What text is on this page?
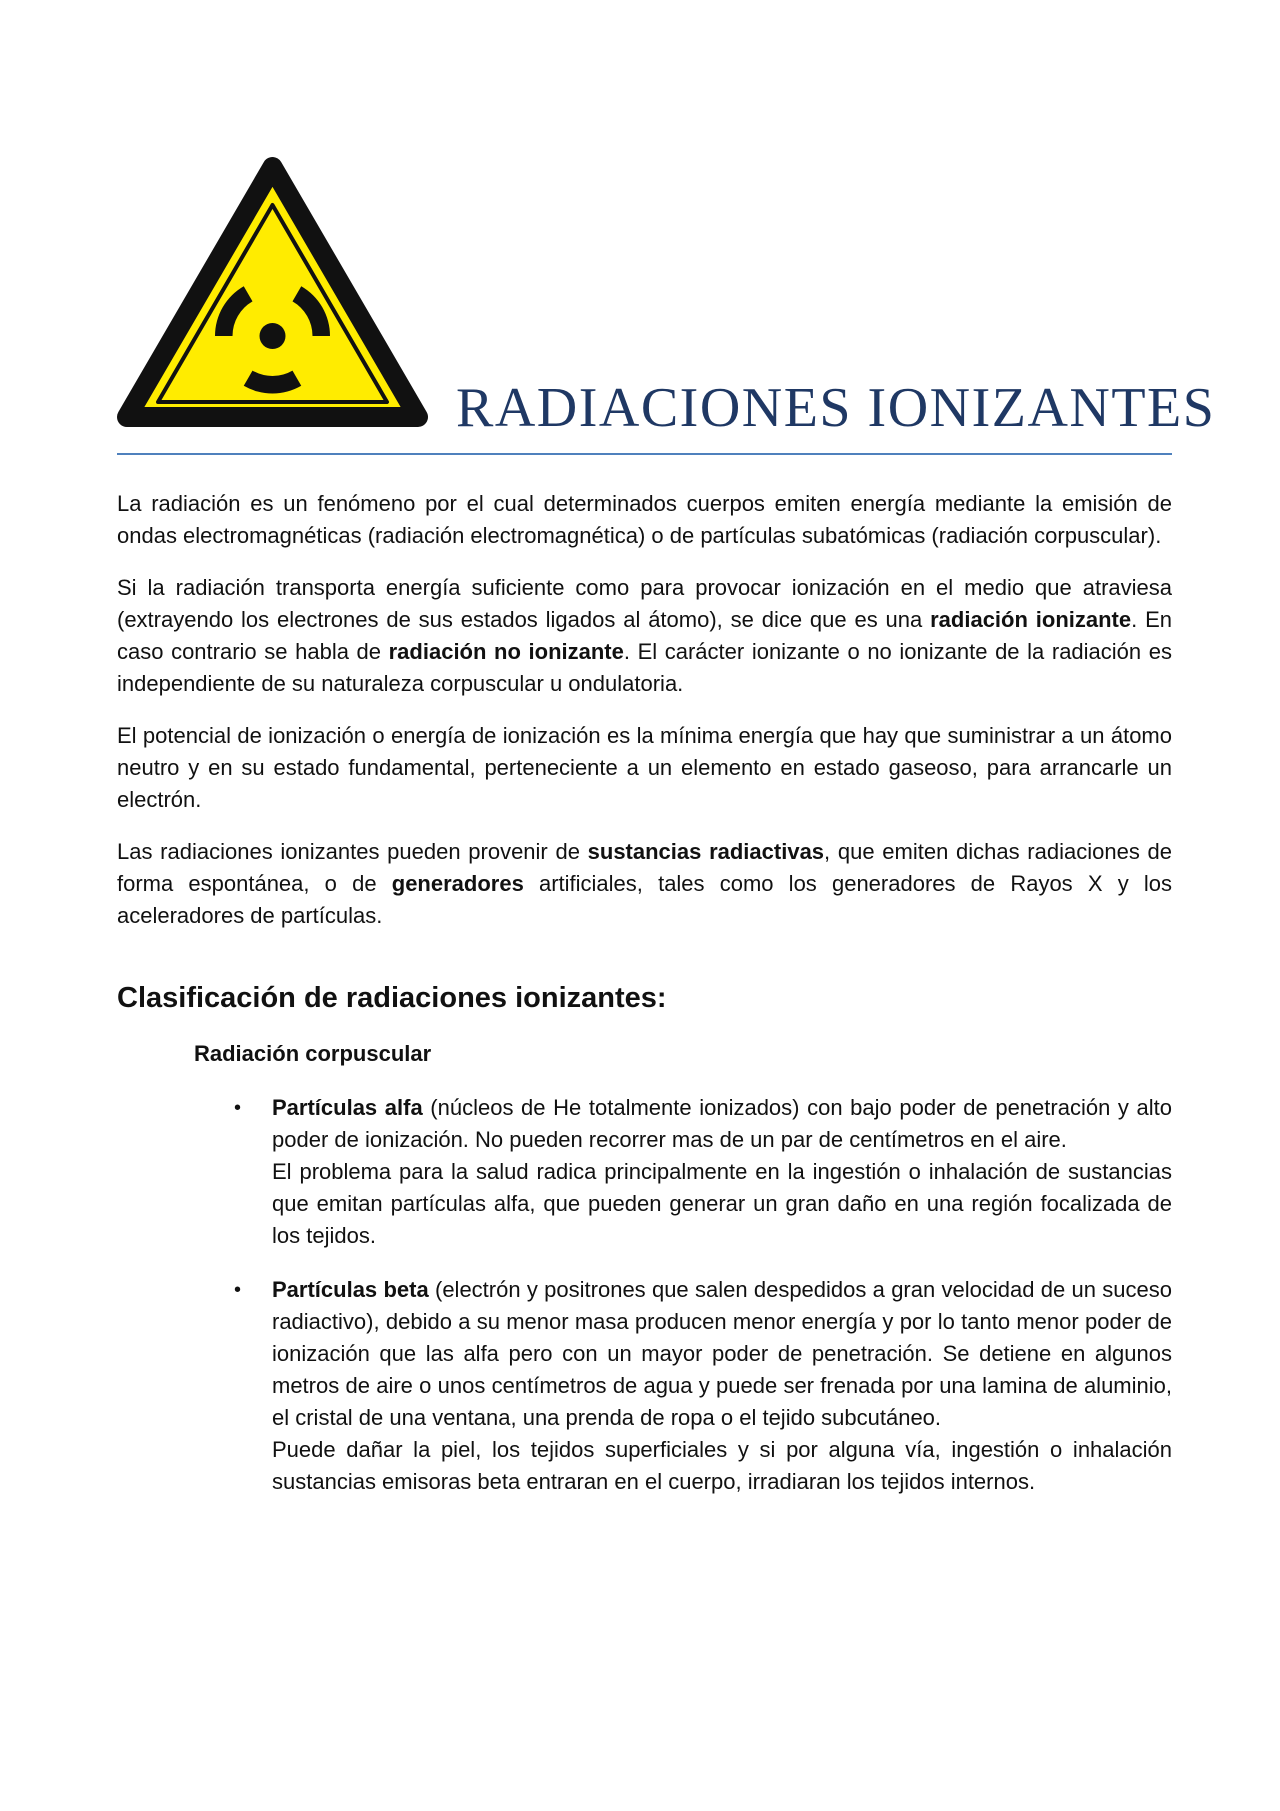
RADIACIONES IONIZANTES

La radiación es un fenómeno por el cual determinados cuerpos emiten energía mediante la emisión de ondas electromagnéticas (radiación electromagnética) o de partículas subatómicas (radiación corpuscular).

Si la radiación transporta energía suficiente como para provocar ionización en el medio que atraviesa (extrayendo los electrones de sus estados ligados al átomo), se dice que es una radiación ionizante. En caso contrario se habla de radiación no ionizante. El carácter ionizante o no ionizante de la radiación es independiente de su naturaleza corpuscular u ondulatoria.

El potencial de ionización o energía de ionización es la mínima energía que hay que suministrar a un átomo neutro y en su estado fundamental, perteneciente a un elemento en estado gaseoso, para arrancarle un electrón.

Las radiaciones ionizantes pueden provenir de sustancias radiactivas, que emiten dichas radiaciones de forma espontánea, o de generadores artificiales, tales como los generadores de Rayos X y los aceleradores de partículas.

Clasificación de radiaciones ionizantes:
Radiación corpuscular
• Partículas alfa (núcleos de He totalmente ionizados) con bajo poder de penetración y alto poder de ionización. No pueden recorrer mas de un par de centímetros en el aire.

El problema para la salud radica principalmente en la ingestión o inhalación de sustancias que emitan partículas alfa, que pueden generar un gran daño en una región focalizada de los tejidos.

• Partículas beta (electrón y positrones que salen despedidos a gran velocidad de un suceso radiactivo), debido a su menor masa producen menor energía y por lo tanto menor poder de ionización que las alfa pero con un mayor poder de penetración. Se detiene en algunos metros de aire o unos centímetros de agua y puede ser frenada por una lamina de aluminio, el cristal de una ventana, una prenda de ropa o el tejido subcutáneo.

Puede dañar la piel, los tejidos superficiales y si por alguna vía, ingestión o inhalación sustancias emisoras beta entraran en el cuerpo, irradiaran los tejidos internos.
